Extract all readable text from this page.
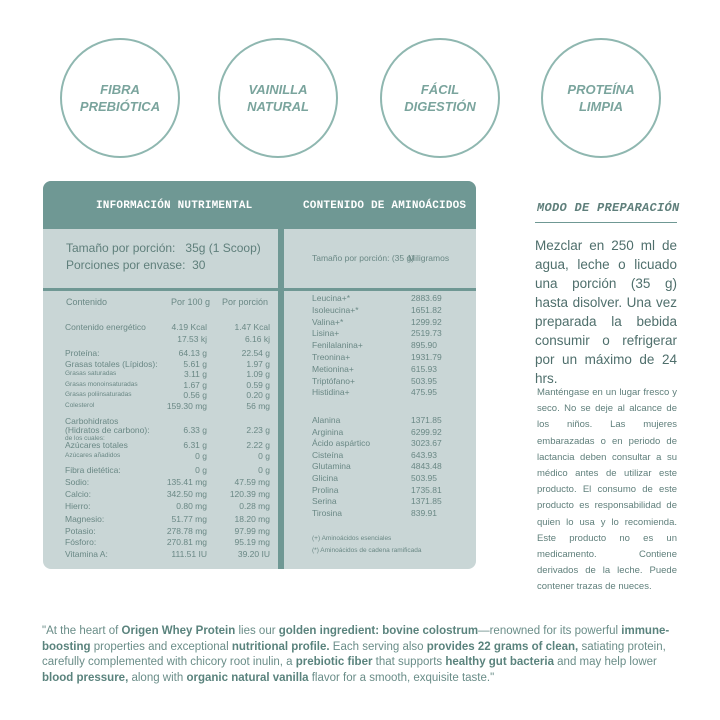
FIBRA
PREBIÓTICA
VAINILLA
NATURAL
FÁCIL
DIGESTIÓN
PROTEÍNA
LIMPIA
INFORMACIÓN NUTRIMENTAL	CONTENIDO DE AMINOÁCIDOS
Tamaño por porción:   35g (1 Scoop)
Porciones por envase:  30	Tamaño por porción: (35 g)
Miligramos
Contenido	Por 100 g Por porción
Contenido energético	4.19 Kcal	1.47 Kcal
17.53 kj	6.16 kj
Proteína:	64.13 g	22.54 g
Grasas totales (Lípidos):	5.61 g	1.97 g
Grasas saturadas	3.11 g	1.09 g
Grasas monoinsaturadas	1.67 g	0.59 g
Grasas poliinsaturadas	0.56 g	0.20 g
Colesterol	159.30 mg	56 mg
Carbohidratos
(Hidratos de carbono):	6.33 g	2.23 g
de los cuales:
Azúcares totales	6.31 g	2.22 g
Azúcares añadidos	0 g	0 g
Fibra dietética:	0 g	0 g
Sodio:	135.41 mg	47.59 mg
Calcio:	342.50 mg	120.39 mg
Hierro:	0.80 mg	0.28 mg
Magnesio:	51.77 mg	18.20 mg
Potasio:	278.78 mg	97.99 mg
Fósforo:	270.81 mg	95.19 mg
Vitamina A:	111.51 IU	39.20 IU
Leucina+*	2883.69
Isoleucina+*	1651.82
Valina+*	1299.92
Lisina+	2519.73
Fenilalanina+	895.90
Treonina+	1931.79
Metionina+	615.93
Triptófano+	503.95
Histidina+	475.95
Alanina	1371.85
Arginina	6299.92
Ácido aspártico	3023.67
Cisteína	643.93
Glutamina	4843.48
Glicina	503.95
Prolina	1735.81
Serina	1371.85
Tirosina	839.91
(+) Aminoácidos esenciales
(*) Aminoácidos de cadena ramificada
MODO DE PREPARACIÓN
Mezclar en 250 ml de agua, leche o licuado una porción (35 g) hasta disolver. Una vez preparada la bebida consumir o refrigerar por un máximo de 24 hrs.
Manténgase en un lugar fresco y seco. No se deje al alcance de los niños. Las mujeres embarazadas o en periodo de lactancia deben consultar a su médico antes de utilizar este producto. El consumo de este producto es responsabilidad de quien lo usa y lo recomienda. Este producto no es un medicamento. Contiene derivados de la leche. Puede contener trazas de nueces.
"At the heart of Origen Whey Protein lies our golden ingredient: bovine colostrum—renowned for its powerful immune-boosting properties and exceptional nutritional profile. Each serving also provides 22 grams of clean, satiating protein, carefully complemented with chicory root inulin, a prebiotic fiber that supports healthy gut bacteria and may help lower blood pressure, along with organic natural vanilla flavor for a smooth, exquisite taste."
